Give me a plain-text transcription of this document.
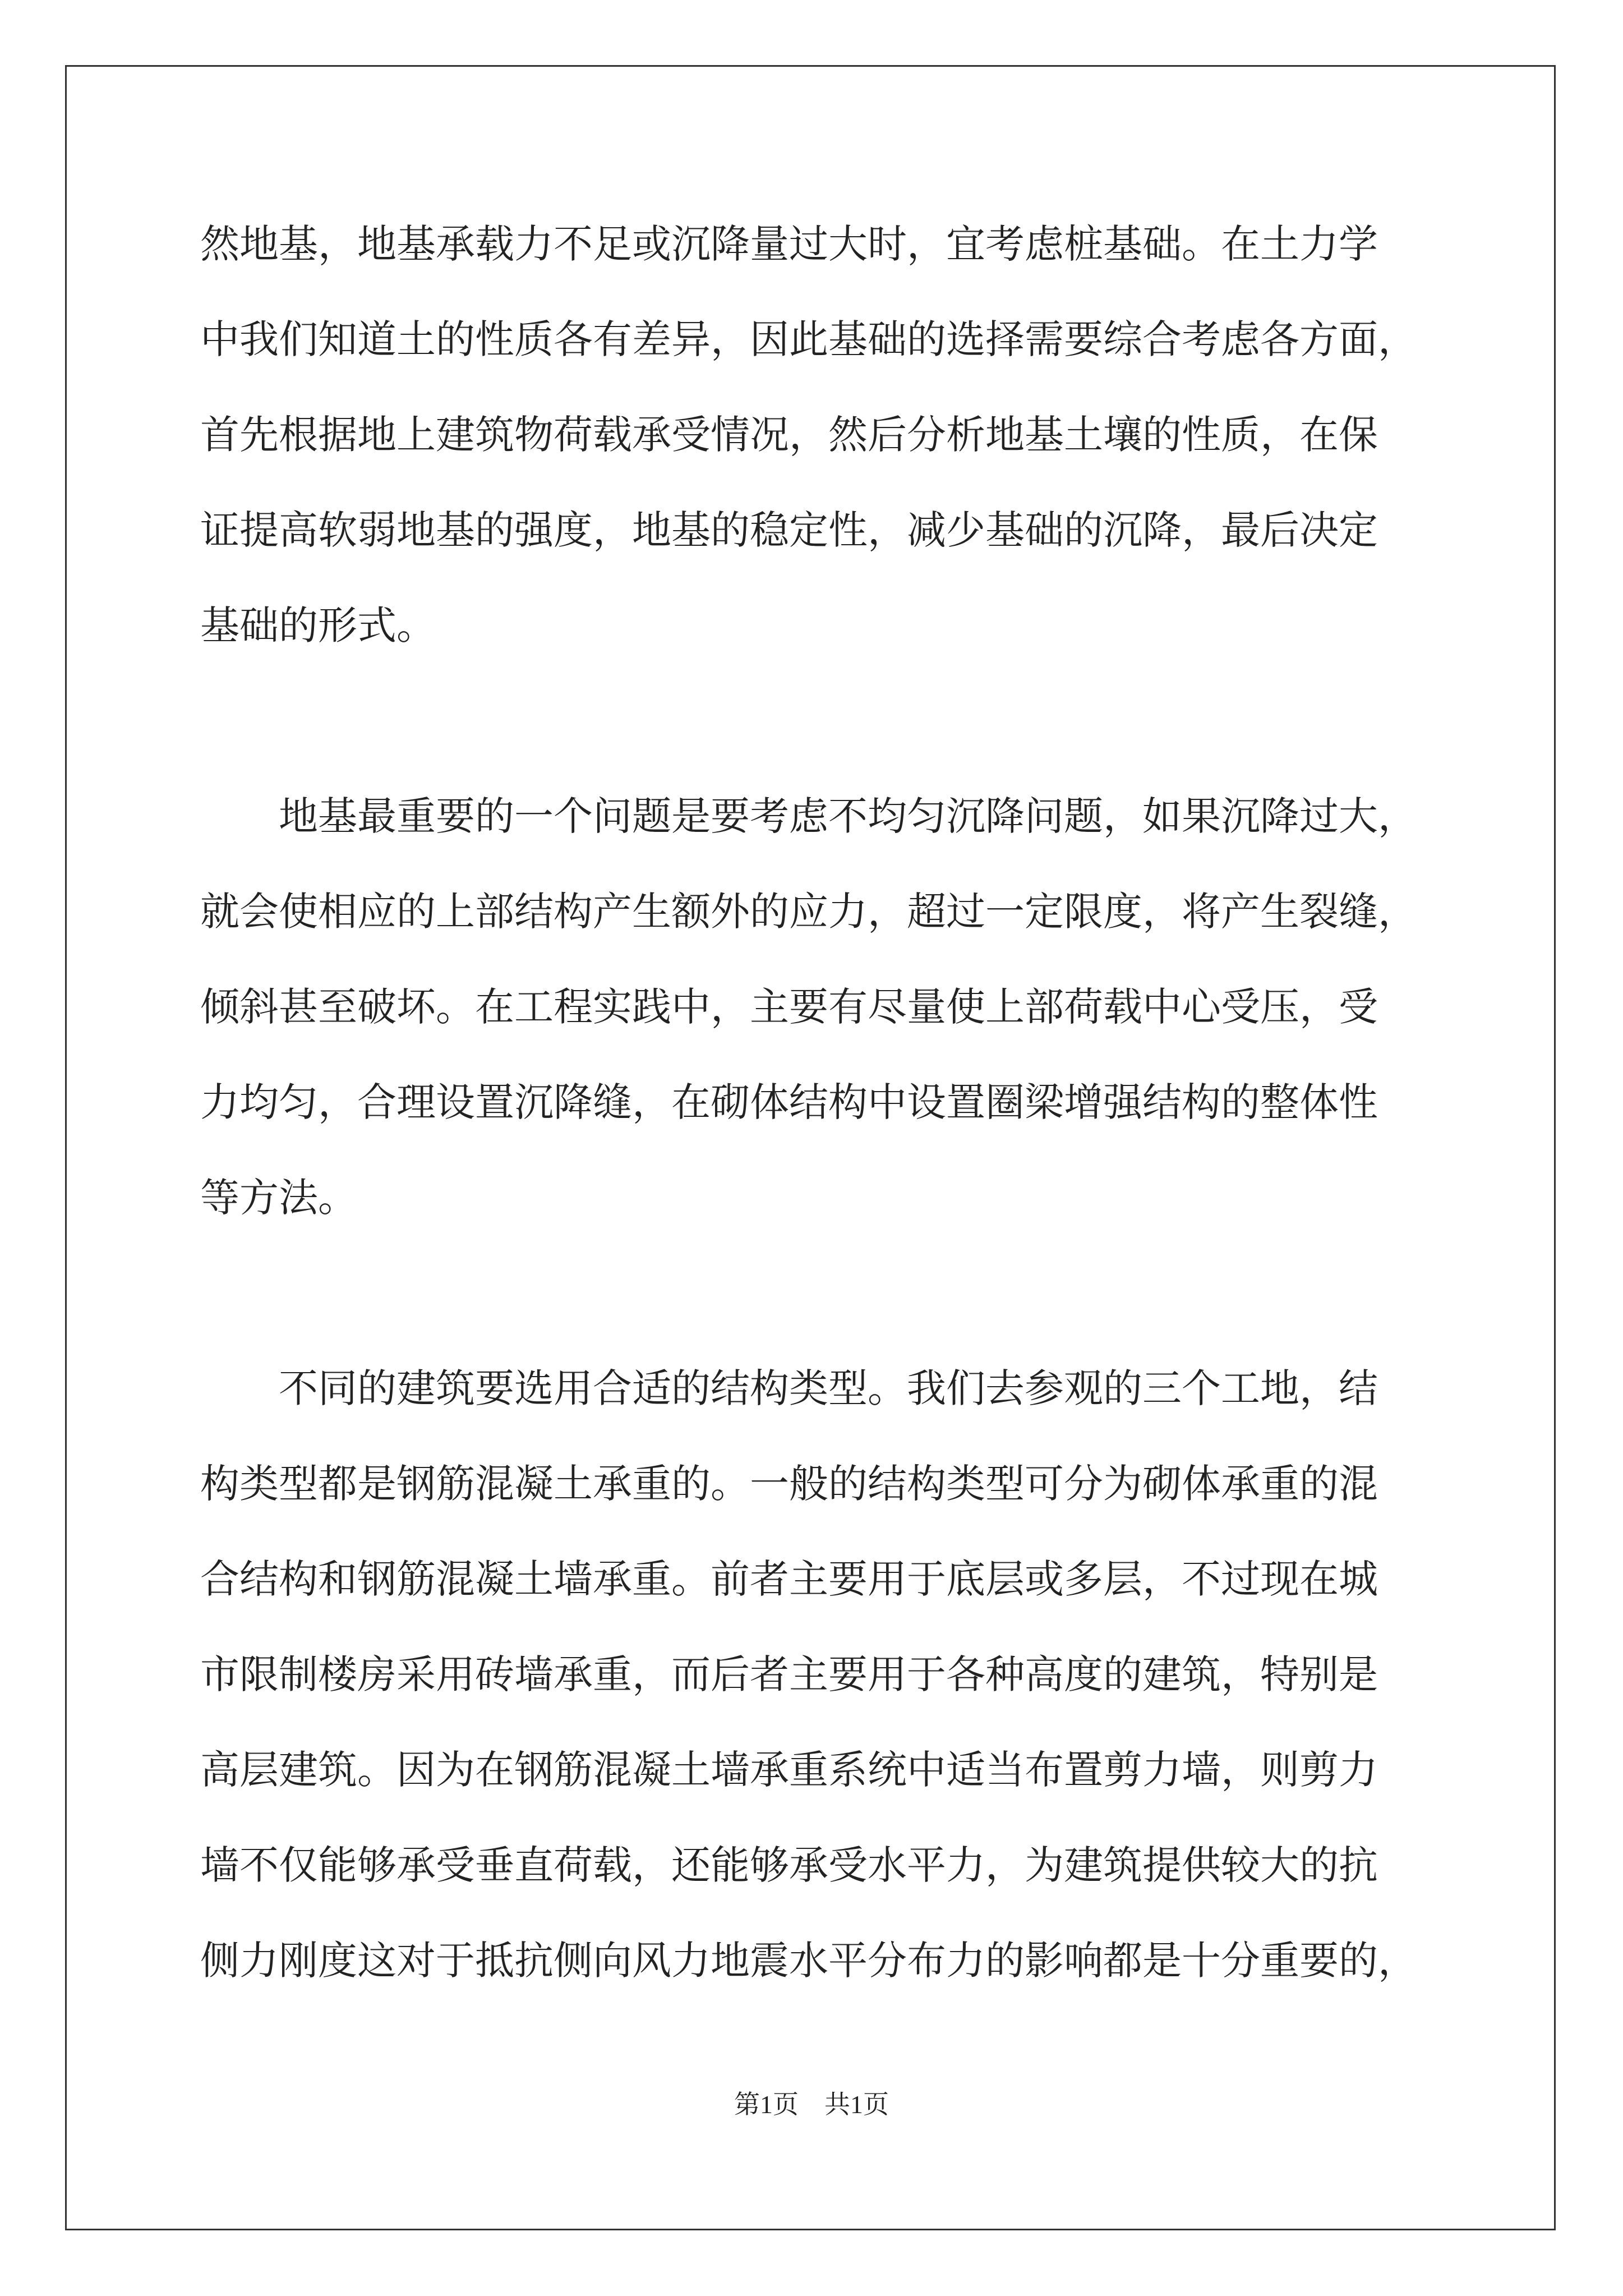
然地基，地基承载力不足或沉降量过大时，宜考虑桩基础。在土力学
中我们知道土的性质各有差异，因此基础的选择需要综合考虑各方面，
首先根据地上建筑物荷载承受情况，然后分析地基土壤的性质，在保
证提高软弱地基的强度，地基的稳定性，减少基础的沉降，最后决定
基础的形式。
　　地基最重要的一个问题是要考虑不均匀沉降问题，如果沉降过大，
就会使相应的上部结构产生额外的应力，超过一定限度，将产生裂缝，
倾斜甚至破坏。在工程实践中，主要有尽量使上部荷载中心受压，受
力均匀，合理设置沉降缝，在砌体结构中设置圈梁增强结构的整体性
等方法。
　　不同的建筑要选用合适的结构类型。我们去参观的三个工地，结
构类型都是钢筋混凝土承重的。一般的结构类型可分为砌体承重的混
合结构和钢筋混凝土墙承重。前者主要用于底层或多层，不过现在城
市限制楼房采用砖墙承重，而后者主要用于各种高度的建筑，特别是
高层建筑。因为在钢筋混凝土墙承重系统中适当布置剪力墙，则剪力
墙不仅能够承受垂直荷载，还能够承受水平力，为建筑提供较大的抗
侧力刚度这对于抵抗侧向风力地震水平分布力的影响都是十分重要的，
第1页　共1页
